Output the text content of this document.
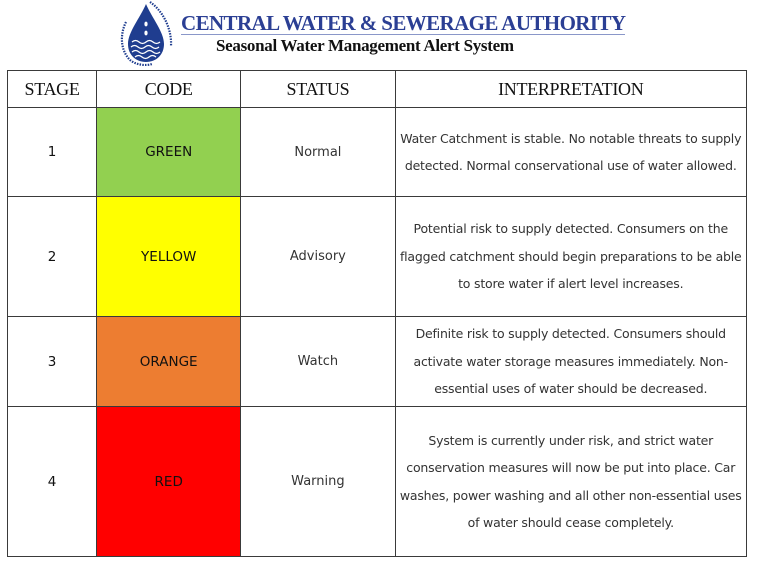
CENTRAL WATER & SEWERAGE AUTHORITY
Seasonal Water Management Alert System
STAGE	CODE	STATUS	INTERPRETATION
1	GREEN	Normal	Water Catchment is stable. No notable threats to supply detected. Normal conservational use of water allowed.
2	YELLOW	Advisory	Potential risk to supply detected. Consumers on the flagged catchment should begin preparations to be able to store water if alert level increases.
3	ORANGE	Watch	Definite risk to supply detected. Consumers should activate water storage measures immediately. Non-essential uses of water should be decreased.
4	RED	Warning	System is currently under risk, and strict water conservation measures will now be put into place. Car washes, power washing and all other non-essential uses of water should cease completely.
